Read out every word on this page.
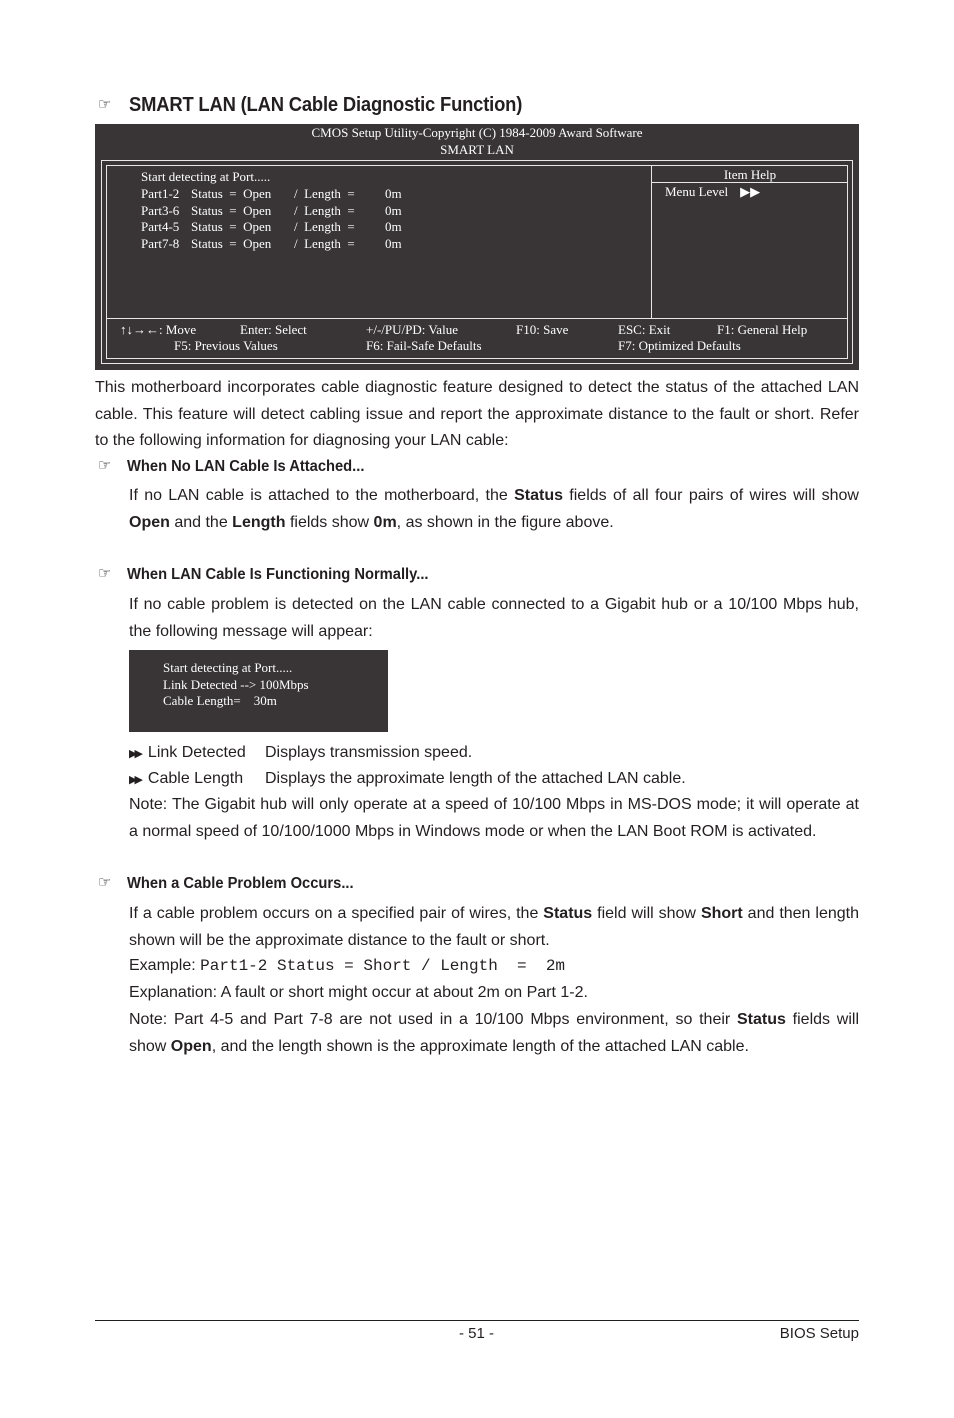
☞ SMART LAN (LAN Cable Diagnostic Function)
CMOS Setup Utility-Copyright (C) 1984-2009 Award Software
SMART LAN
Start detecting at Port.....
Part1-2 Status  =  Open /  Length  = 0m
Part3-6 Status  =  Open /  Length  = 0m
Part4-5 Status  =  Open /  Length  = 0m
Part7-8 Status  =  Open /  Length  = 0m
Item Help
Menu Level ▶▶
↑↓→←: Move	Enter: Select	+/-/PU/PD: Value	F10: Save	ESC: Exit	F1: General Help
F5: Previous Values	F6: Fail-Safe Defaults	F7: Optimized Defaults
This motherboard incorporates cable diagnostic feature designed to detect the status of the attached LAN cable. This feature will detect cabling issue and report the approximate distance to the fault or short. Refer to the following information for diagnosing your LAN cable:
☞ When No LAN Cable Is Attached...
If no LAN cable is attached to the motherboard, the Status fields of all four pairs of wires will show Open and the Length fields show 0m, as shown in the figure above.
☞ When LAN Cable Is Functioning Normally...
If no cable problem is detected on the LAN cable connected to a Gigabit hub or a 10/100 Mbps hub, the following message will appear:
Start detecting at Port.....
Link Detected --> 100Mbps
Cable Length=    30m
▶▶ Link Detected Displays transmission speed.
▶▶ Cable Length Displays the approximate length of the attached LAN cable.
Note: The Gigabit hub will only operate at a speed of 10/100 Mbps in MS-DOS mode; it will operate at a normal speed of 10/100/1000 Mbps in Windows mode or when the LAN Boot ROM is activated.
☞ When a Cable Problem Occurs...
If a cable problem occurs on a specified pair of wires, the Status field will show Short and then length shown will be the approximate distance to the fault or short.
Example: Part1-2 Status = Short / Length  =  2m
Explanation: A fault or short might occur at about 2m on Part 1-2.
Note: Part 4-5 and Part 7-8 are not used in a 10/100 Mbps environment, so their Status fields will show Open, and the length shown is the approximate length of the attached LAN cable.
- 51 -	BIOS Setup
